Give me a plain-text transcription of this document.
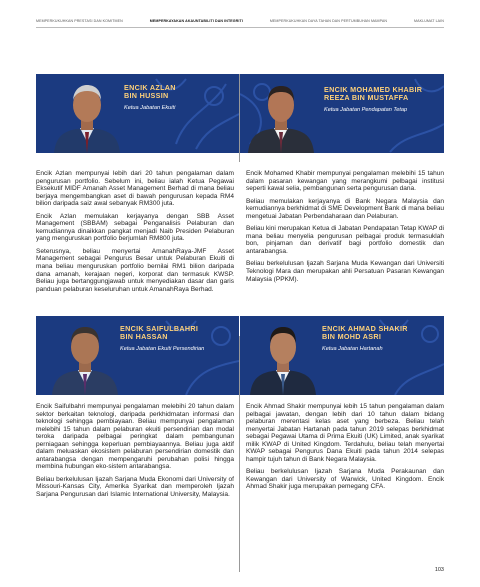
MEMPERKUKUHKAN PRESTASI DAN KOMITMEN	MEMPERKAYAKAN AKAUNTABILITI DAN INTEGRITI	MEMPERKUKUHKAN DAYA TAHAN DAN PERTUMBUHAN MAMPAN	MAKLUMAT LAIN
ENCIK AZLAN
BIN HUSSIN
Ketua Jabatan Ekuiti
ENCIK MOHAMED KHABIR
REEZA BIN MUSTAFFA
Ketua Jabatan Pendapatan Tetap

Encik Azlan mempunyai lebih dari 20 tahun pengalaman dalam pengurusan portfolio. Sebelum ini, beliau ialah Ketua Pegawai Eksekutif MIDF Amanah Asset Management Berhad di mana beliau berjaya mengembangkan aset di bawah pengurusan kepada RM4 bilion daripada saiz awal sebanyak RM300 juta.

Encik Azlan memulakan kerjayanya dengan SBB Asset Management (SBBAM) sebagai Penganalisis Pelaburan dan kemudiannya dinaikkan pangkat menjadi Naib Presiden Pelaburan yang menguruskan portfolio berjumlah RM800 juta.

Seterusnya, beliau menyertai AmanahRaya-JMF Asset Management sebagai Pengurus Besar untuk Pelaburan Ekuiti di mana beliau menguruskan portfolio bernilai RM1 bilion daripada dana amanah, kerajaan negeri, korporat dan termasuk KWSP. Beliau juga bertanggungjawab untuk menyediakan dasar dan garis panduan pelaburan keseluruhan untuk AmanahRaya Berhad.

Encik Mohamed Khabir mempunyai pengalaman melebihi 15 tahun dalam pasaran kewangan yang merangkumi pelbagai institusi seperti kawal selia, pembangunan serta pengurusan dana.

Beliau memulakan kerjayanya di Bank Negara Malaysia dan kemudiannya berkhidmat di SME Development Bank di mana beliau mengetuai Jabatan Perbendaharaan dan Pelaburan.

Beliau kini merupakan Ketua di Jabatan Pendapatan Tetap KWAP di mana beliau menyelia pengurusan pelbagai produk termasuklah bon, pinjaman dan derivatif bagi portfolio domestik dan antarabangsa.

Beliau berkelulusan Ijazah Sarjana Muda Kewangan dari Universiti Teknologi Mara dan merupakan ahli Persatuan Pasaran Kewangan Malaysia (PPKM).

ENCIK SAIFULBAHRI
BIN HASSAN
Ketua Jabatan Ekuiti Persendirian
ENCIK AHMAD SHAKIR
BIN MOHD ASRI
Ketua Jabatan Hartanah

Encik Saifulbahri mempunyai pengalaman melebihi 20 tahun dalam sektor berkaitan teknologi, daripada perkhidmatan informasi dan teknologi sehingga pembiayaan. Beliau mempunyai pengalaman melebihi 15 tahun dalam pelaburan ekuiti persendirian dan modal teroka daripada pelbagai peringkat dalam pembangunan perniagaan sehingga keperluan pembiayaannya. Beliau juga aktif dalam meluaskan ekosistem pelaburan persendirian domestik dan antarabangsa dengan mempengaruhi perubahan polisi hingga membina hubungan eko-sistem antarabangsa.

Beliau berkelulusan Ijazah Sarjana Muda Ekonomi dari University of Missouri-Kansas City, Amerika Syarikat dan memperoleh Ijazah Sarjana Pengurusan dari Islamic International University, Malaysia.

Encik Ahmad Shakir mempunyai lebih 15 tahun pengalaman dalam pelbagai jawatan, dengan lebih dari 10 tahun dalam bidang pelaburan merentasi kelas aset yang berbeza. Beliau telah menyertai Jabatan Hartanah pada tahun 2019 selepas berkhidmat sebagai Pegawai Utama di Prima Ekuiti (UK) Limited, anak syarikat milik KWAP di United Kingdom. Terdahulu, beliau telah menyertai KWAP sebagai Pengurus Dana Ekuiti pada tahun 2014 selepas hampir tujuh tahun di Bank Negara Malaysia.

Beliau berkelulusan Ijazah Sarjana Muda Perakaunan dan Kewangan dari University of Warwick, United Kingdom. Encik Ahmad Shakir juga merupakan pemegang CFA.

103
